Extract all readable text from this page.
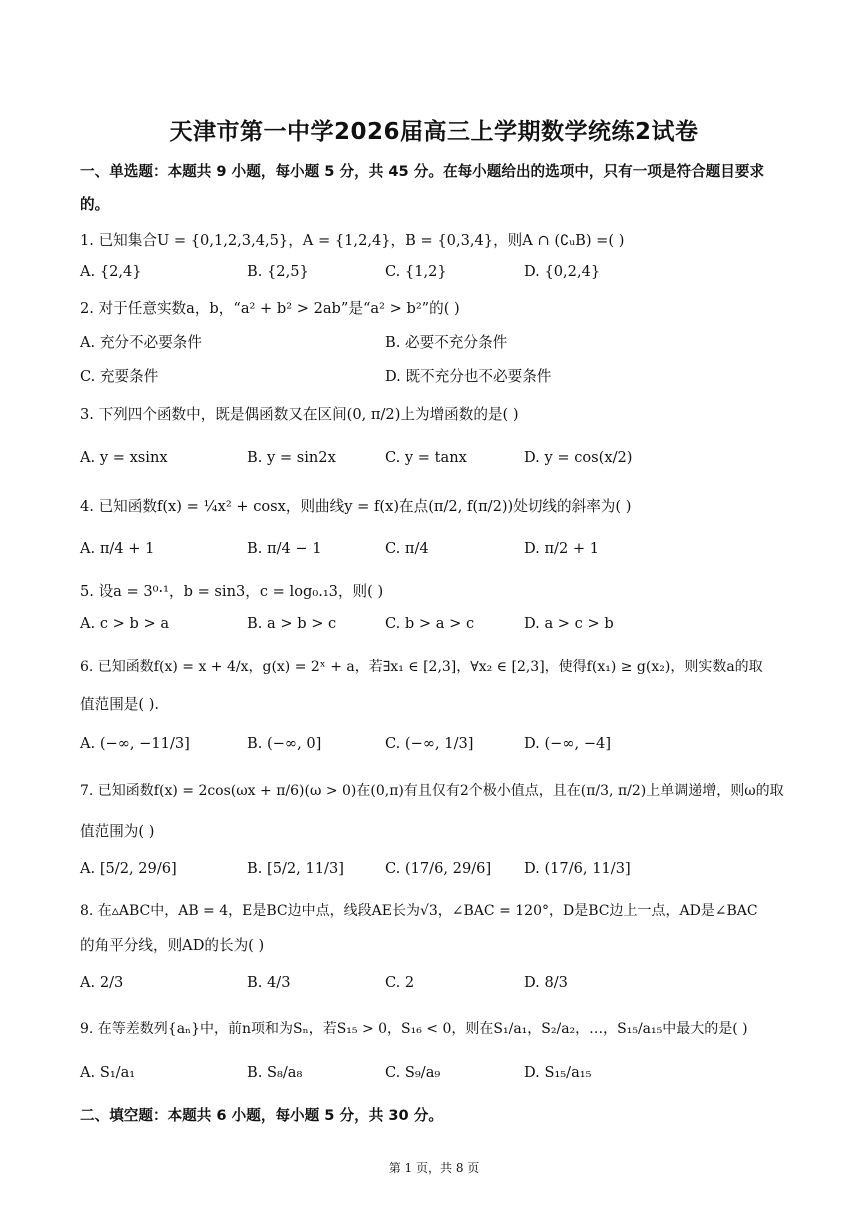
天津市第一中学2026届高三上学期数学统练2试卷
一、单选题：本题共 9 小题，每小题 5 分，共 45 分。在每小题给出的选项中，只有一项是符合题目要求
的。
1. 已知集合U = {0,1,2,3,4,5}，A = {1,2,4}，B = {0,3,4}，则A ∩ (∁ᵤB) =( )
A. {2,4}	B. {2,5}	C. {1,2}	D. {0,2,4}
2. 对于任意实数a，b，“a² + b² > 2ab”是“a² > b²”的( )
A. 充分不必要条件	B. 必要不充分条件
C. 充要条件	D. 既不充分也不必要条件
3. 下列四个函数中，既是偶函数又在区间(0, π/2)上为增函数的是( )
A. y = xsinx	B. y = sin2x	C. y = tanx	D. y = cos(x/2)
4. 已知函数f(x) = ¼x² + cosx，则曲线y = f(x)在点(π/2, f(π/2))处切线的斜率为( )
A. π/4 + 1	B. π/4 − 1	C. π/4	D. π/2 + 1
5. 设a = 3⁰·¹，b = sin3，c = log₀.₁3，则( )
A. c > b > a	B. a > b > c	C. b > a > c	D. a > c > b
6. 已知函数f(x) = x + 4/x，g(x) = 2ˣ + a，若∃x₁ ∈ [2,3]，∀x₂ ∈ [2,3]，使得f(x₁) ≥ g(x₂)，则实数a的取
值范围是( ).
A. (−∞, −11/3]	B. (−∞, 0]	C. (−∞, 1/3]	D. (−∞, −4]
7. 已知函数f(x) = 2cos(ωx + π/6)(ω > 0)在(0,π)有且仅有2个极小值点，且在(π/3, π/2)上单调递增，则ω的取
值范围为( )
A. [5/2, 29/6]	B. [5/2, 11/3]	C. (17/6, 29/6] D. (17/6, 11/3]
8. 在▵ABC中，AB = 4，E是BC边中点，线段AE长为√3，∠BAC = 120°，D是BC边上一点，AD是∠BAC
的角平分线，则AD的长为( )
A. 2/3	B. 4/3	C. 2	D. 8/3
9. 在等差数列{aₙ}中，前n项和为Sₙ，若S₁₅ > 0，S₁₆ < 0，则在S₁/a₁，S₂/a₂，…，S₁₅/a₁₅中最大的是( )
A. S₁/a₁	B. S₈/a₈	C. S₉/a₉	D. S₁₅/a₁₅
二、填空题：本题共 6 小题，每小题 5 分，共 30 分。
第 1 页，共 8 页
